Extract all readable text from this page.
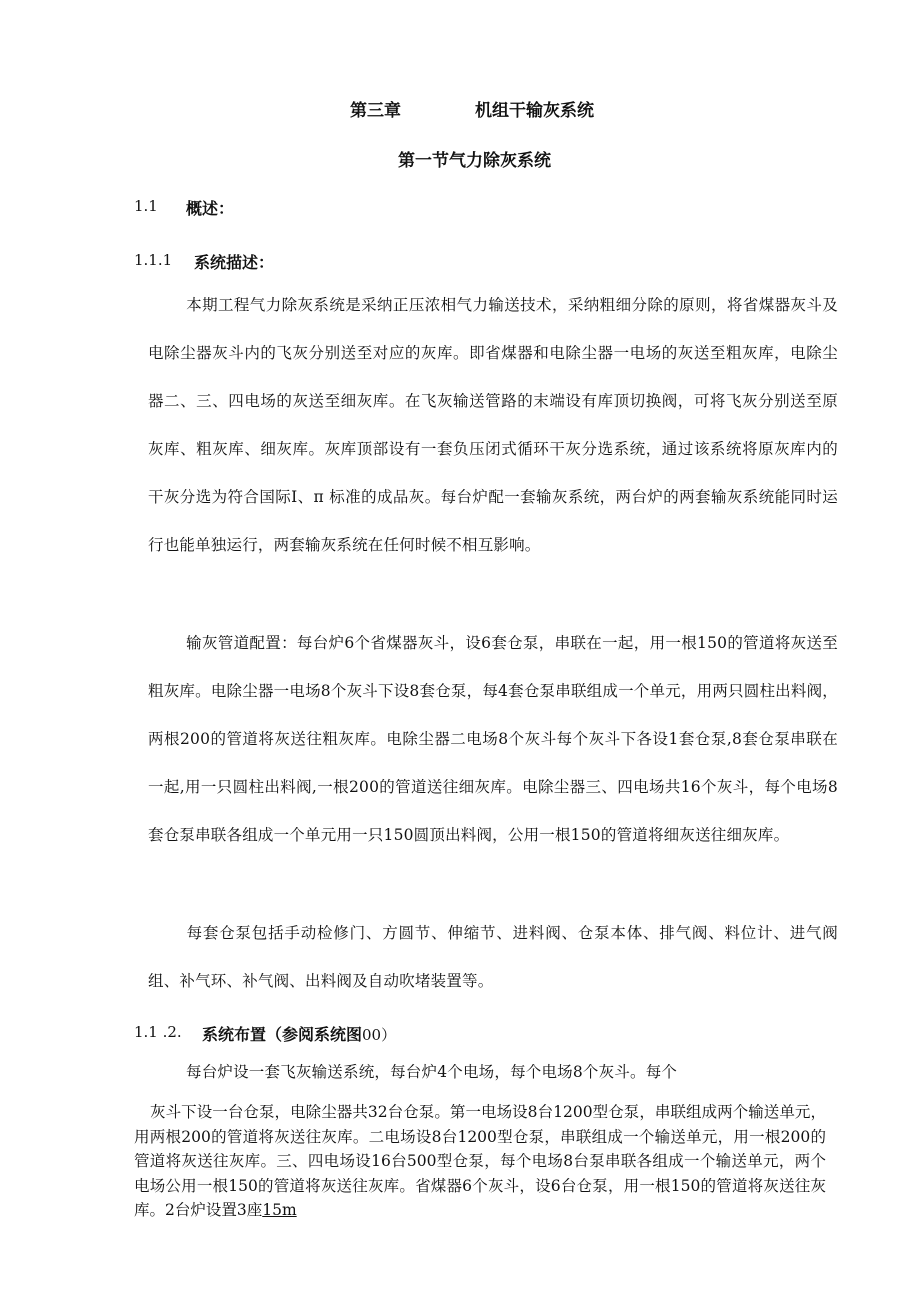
第三章	机组干输灰系统
第一节气力除灰系统
1.1 概述：
1.1.1 系统描述：
本期工程气力除灰系统是采纳正压浓相气力输送技术，采纳粗细分除的原则，将省煤器灰斗及电除尘器灰斗内的飞灰分别送至对应的灰库。即省煤器和电除尘器一电场的灰送至粗灰库，电除尘器二、三、四电场的灰送至细灰库。在飞灰输送管路的末端设有库顶切换阀，可将飞灰分别送至原灰库、粗灰库、细灰库。灰库顶部设有一套负压闭式循环干灰分选系统，通过该系统将原灰库内的干灰分选为符合国际Ⅰ、π 标准的成品灰。每台炉配一套输灰系统，两台炉的两套输灰系统能同时运行也能单独运行，两套输灰系统在任何时候不相互影响。
输灰管道配置：每台炉6个省煤器灰斗，设6套仓泵，串联在一起，用一根150的管道将灰送至粗灰库。电除尘器一电场8个灰斗下设8套仓泵，每4套仓泵串联组成一个单元，用两只圆柱出料阀，两根200的管道将灰送往粗灰库。电除尘器二电场8个灰斗每个灰斗下各设1套仓泵,8套仓泵串联在一起,用一只圆柱出料阀,一根200的管道送往细灰库。电除尘器三、四电场共16个灰斗，每个电场8套仓泵串联各组成一个单元用一只150圆顶出料阀，公用一根150的管道将细灰送往细灰库。
每套仓泵包括手动检修门、方圆节、伸缩节、进料阀、仓泵本体、排气阀、料位计、进气阀组、补气环、补气阀、出料阀及自动吹堵装置等。
1.1 .2. 系统布置（参阅系统图00）
每台炉设一套飞灰输送系统，每台炉4个电场，每个电场8个灰斗。每个
灰斗下设一台仓泵，电除尘器共32台仓泵。第一电场设8台1200型仓泵，串联组成两个输送单元，用两根200的管道将灰送往灰库。二电场设8台1200型仓泵，串联组成一个输送单元，用一根200的管道将灰送往灰库。三、四电场设16台500型仓泵，每个电场8台泵串联各组成一个输送单元，两个电场公用一根150的管道将灰送往灰库。省煤器6个灰斗，设6台仓泵，用一根150的管道将灰送往灰库。2台炉设置3座15m
